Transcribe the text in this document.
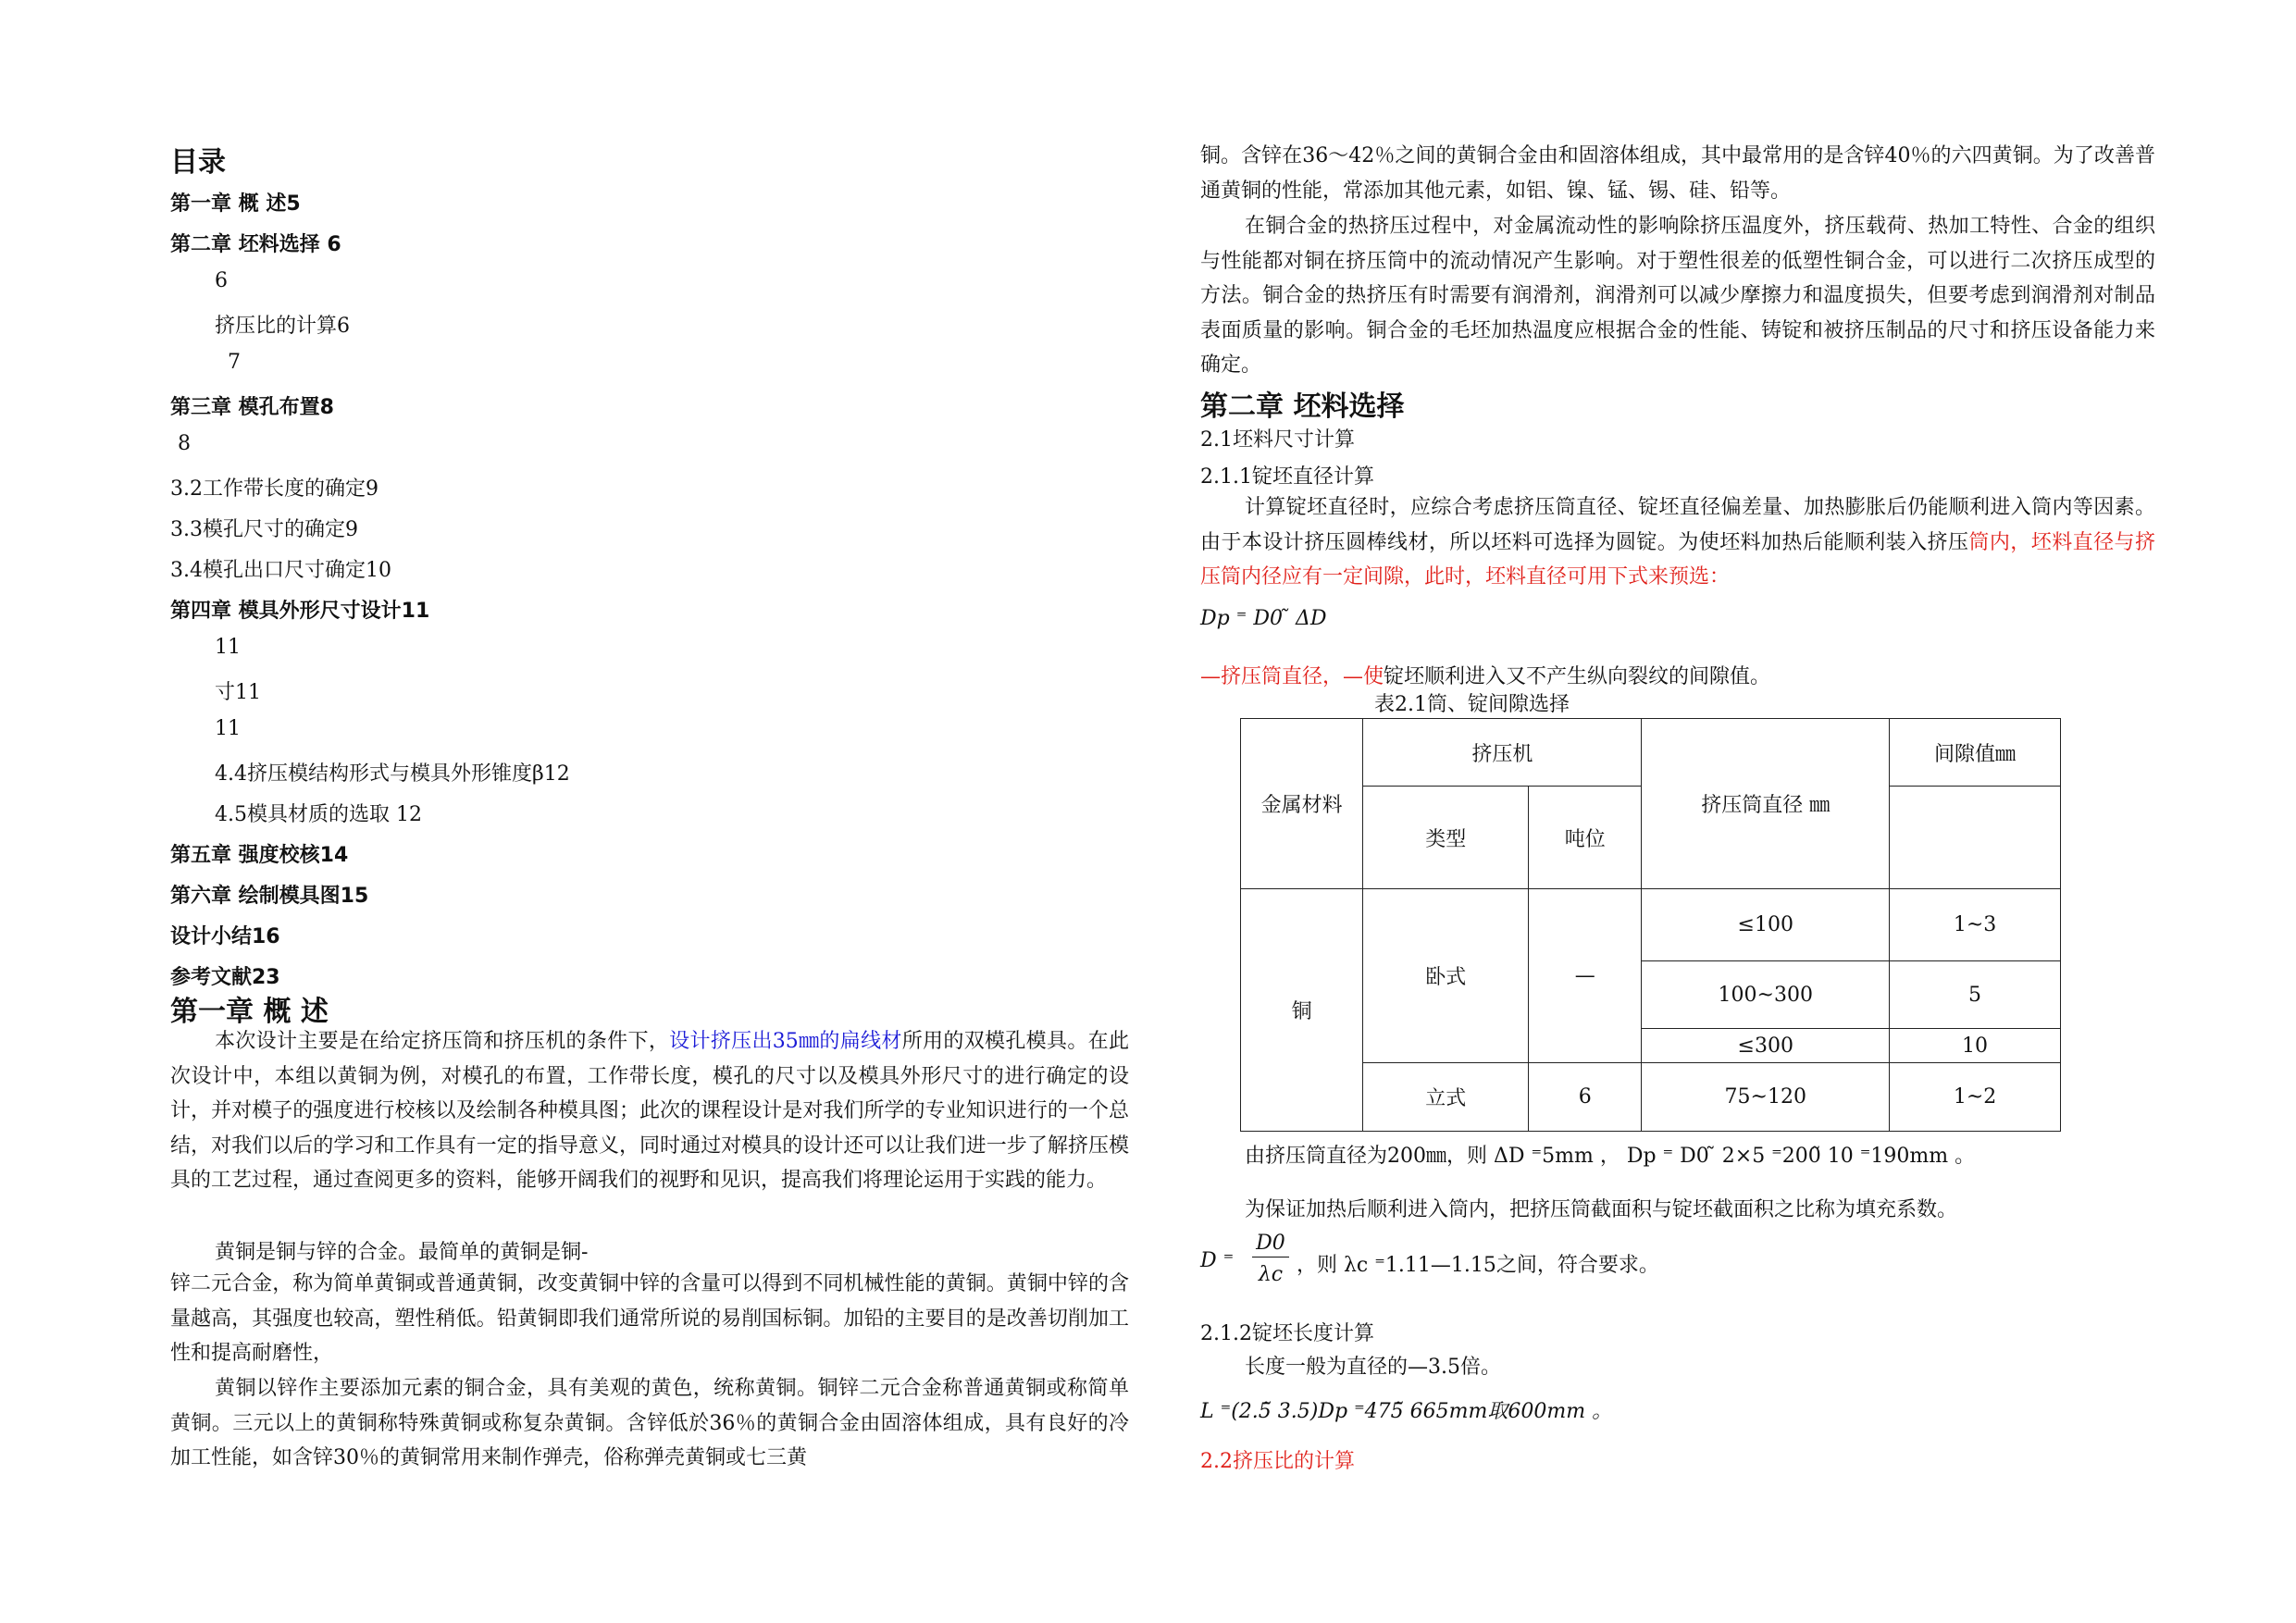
目录
第一章 概 述5
第二章 坯料选择 6
6
挤压比的计算6
7
第三章 模孔布置8
8
3.2工作带长度的确定9
3.3模孔尺寸的确定9
3.4模孔出口尺寸确定10
第四章 模具外形尺寸设计11
11
寸11
11
4.4挤压模结构形式与模具外形锥度β12
4.5模具材质的选取 12
第五章 强度校核14
第六章 绘制模具图15
设计小结16
参考文献23
第一章 概 述
本次设计主要是在给定挤压筒和挤压机的条件下，设计挤压出35㎜的扁线材所用的双模孔模具。在此次设计中，本组以黄铜为例，对模孔的布置，工作带长度，模孔的尺寸以及模具外形尺寸的进行确定的设计，并对模子的强度进行校核以及绘制各种模具图；此次的课程设计是对我们所学的专业知识进行的一个总结，对我们以后的学习和工作具有一定的指导意义，同时通过对模具的设计还可以让我们进一步了解挤压模具的工艺过程，通过查阅更多的资料，能够开阔我们的视野和见识，提高我们将理论运用于实践的能力。
黄铜是铜与锌的合金。最简单的黄铜是铜-
锌二元合金，称为简单黄铜或普通黄铜，改变黄铜中锌的含量可以得到不同机械性能的黄铜。黄铜中锌的含量越高，其强度也较高，塑性稍低。铅黄铜即我们通常所说的易削国标铜。加铅的主要目的是改善切削加工性和提高耐磨性，
黄铜以锌作主要添加元素的铜合金，具有美观的黄色，统称黄铜。铜锌二元合金称普通黄铜或称简单黄铜。三元以上的黄铜称特殊黄铜或称复杂黄铜。含锌低於36％的黄铜合金由固溶体组成，具有良好的冷加工性能，如含锌30％的黄铜常用来制作弹壳，俗称弹壳黄铜或七三黄
铜。含锌在36～42％之间的黄铜合金由和固溶体组成，其中最常用的是含锌40％的六四黄铜。为了改善普通黄铜的性能，常添加其他元素，如铝、镍、锰、锡、硅、铅等。
在铜合金的热挤压过程中，对金属流动性的影响除挤压温度外，挤压载荷、热加工特性、合金的组织与性能都对铜在挤压筒中的流动情况产生影响。对于塑性很差的低塑性铜合金，可以进行二次挤压成型的方法。铜合金的热挤压有时需要有润滑剂，润滑剂可以减少摩擦力和温度损失，但要考虑到润滑剂对制品表面质量的影响。铜合金的毛坯加热温度应根据合金的性能、铸锭和被挤压制品的尺寸和挤压设备能力来确定。
第二章 坯料选择
2.1坯料尺寸计算
2.1.1锭坯直径计算
计算锭坯直径时，应综合考虑挤压筒直径、锭坯直径偏差量、加热膨胀后仍能顺利进入筒内等因素。由于本设计挤压圆棒线材，所以坯料可选择为圆锭。为使坯料加热后能顺利装入挤压筒内，坯料直径与挤压筒内径应有一定间隙，此时，坯料直径可用下式来预选：
Dp ⁼ D0 ̃ ΔD
—挤压筒直径，—使锭坯顺利进入又不产生纵向裂纹的间隙值。
表2.1筒、锭间隙选择
金属材料	挤压机		挤压筒直径 ㎜	间隙值㎜
	类型	吨位		
铜	卧式	—	≤100	1~3
			100~300	5
			≤300	10
	立式	6	75~120	1~2
由挤压筒直径为200㎜，则 ΔD ⁼5mm ， Dp ⁼ D0 ̃ 2×5 ⁼200̃ 10 ⁼190mm 。
为保证加热后顺利进入筒内，把挤压筒截面积与锭坯截面积之比称为填充系数。
D ⁼
D0
λc ，则 λc ⁼1.11—1.15之间，符合要求。
2.1.2锭坯长度计算
长度一般为直径的—3.5倍。
L ⁼(2.5̃ 3.5)Dp ⁼475̃ 665mm取600mm 。
2.2挤压比的计算
